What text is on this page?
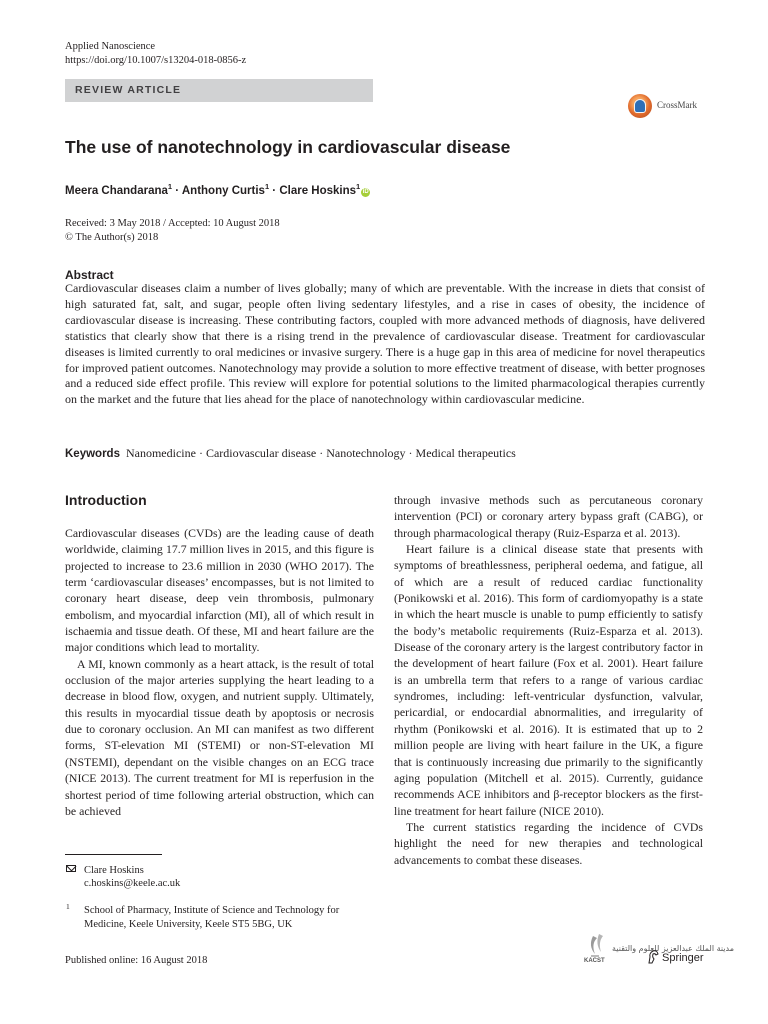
Applied Nanoscience
https://doi.org/10.1007/s13204-018-0856-z
REVIEW ARTICLE
CrossMark
The use of nanotechnology in cardiovascular disease
Meera Chandarana$^1$ · Anthony Curtis$^1$ · Clare Hoskins$^1$iD
Received: 3 May 2018 / Accepted: 10 August 2018
© The Author(s) 2018
Abstract
Cardiovascular diseases claim a number of lives globally; many of which are preventable. With the increase in diets that consist of high saturated fat, salt, and sugar, people often living sedentary lifestyles, and a rise in cases of obesity, the incidence of cardiovascular disease is increasing. These contributing factors, coupled with more advanced methods of diagnosis, have delivered statistics that clearly show that there is a rising trend in the prevalence of cardiovascular disease. Treatment for cardiovascular diseases is limited currently to oral medicines or invasive surgery. There is a huge gap in this area of medicine for novel therapeutics for improved patient outcomes. Nanotechnology may provide a solution to more effective treatment of disease, with better prognoses and a reduced side effect profile. This review will explore for potential solutions to the limited pharmacological therapies currently on the market and the future that lies ahead for the place of nanotechnology within cardiovascular medicine.
Keywords Nanomedicine · Cardiovascular disease · Nanotechnology · Medical therapeutics
Introduction

Cardiovascular diseases (CVDs) are the leading cause of death worldwide, claiming 17.7 million lives in 2015, and this figure is projected to increase to 23.6 million in 2030 (WHO 2017). The term ‘cardiovascular diseases’ encompasses, but is not limited to coronary heart disease, deep vein thrombosis, pulmonary embolism, and myocardial infarction (MI), all of which result in ischaemia and tissue death. Of these, MI and heart failure are the major conditions which lead to mortality.

A MI, known commonly as a heart attack, is the result of total occlusion of the major arteries supplying the heart leading to a decrease in blood flow, oxygen, and nutrient supply. Ultimately, this results in myocardial tissue death by apoptosis or necrosis due to coronary occlusion. An MI can manifest as two different forms, ST-elevation MI (STEMI) or non-ST-elevation MI (NSTEMI), dependant on the visible changes on an ECG trace (NICE 2013). The current treatment for MI is reperfusion in the shortest period of time following arterial obstruction, which can be achieved

through invasive methods such as percutaneous coronary intervention (PCI) or coronary artery bypass graft (CABG), or through pharmacological therapy (Ruiz-Esparza et al. 2013).

Heart failure is a clinical disease state that presents with symptoms of breathlessness, peripheral oedema, and fatigue, all of which are a result of reduced cardiac functionality (Ponikowski et al. 2016). This form of cardiomyopathy is a state in which the heart muscle is unable to pump efficiently to satisfy the body’s metabolic requirements (Ruiz-Esparza et al. 2013). Disease of the coronary artery is the largest contributory factor in the development of heart failure (Fox et al. 2001). Heart failure is an umbrella term that refers to a range of various cardiac syndromes, including: left-ventricular dysfunction, valvular, pericardial, or endocardial abnormalities, and irregularity of rhythm (Ponikowski et al. 2016). It is estimated that up to 2 million people are living with heart failure in the UK, a figure that is continuously increasing due primarily to the significantly aging population (Mitchell et al. 2015). Currently, guidance recommends ACE inhibitors and β-receptor blockers as the first-line treatment for heart failure (NICE 2010).

The current statistics regarding the incidence of CVDs highlight the need for new therapies and technological advancements to combat these diseases.

Clare Hoskins
c.hoskins@keele.ac.uk
1 School of Pharmacy, Institute of Science and Technology for Medicine, Keele University, Keele ST5 5BG, UK
Published online: 16 August 2018
مدينة الملك عبدالعزيز للعلوم والتقنية
KACST	Springer
